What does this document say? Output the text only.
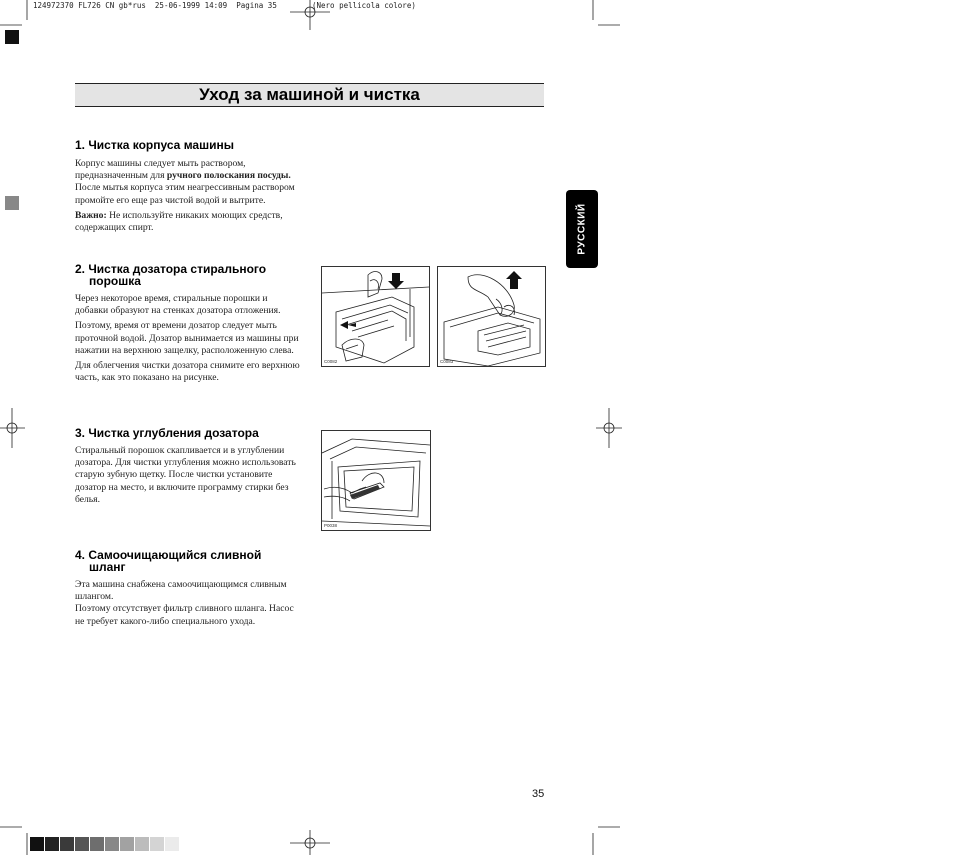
124972370 FL726 CN gb*rus  25-06-1999 14:09  Pagina 35	(Nero pellicola colore)
Уход за машиной и чистка
РУССКИЙ
1. Чистка корпуса машины

Корпус машины следует мыть раствором, предназначенным для ручного полоскания посуды. После мытья корпуса этим неагрессивным раствором промойте его еще раз чистой водой и вытрите.

Важно: Не используйте никаких моющих средств, содержащих спирт.

2. Чистка дозатора стирального
порошка

Через некоторое время, стиральные порошки и добавки образуют на стенках дозатора отложения.

Поэтому, время от времени дозатор следует мыть проточной водой. Дозатор вынимается из машины при нажатии на верхнюю защелку, расположенную слева.

Для облегчения чистки дозатора снимите его верхнюю часть, как это показано на рисунке.

3. Чистка углубления дозатора

Стиральный порошок скапливается и в углублении дозатора. Для чистки углубления можно использовать старую зубную щетку. После чистки установите дозатор на место, и включите программу стирки без белья.

4. Самоочищающийся сливной
шланг

Эта машина снабжена самоочищающимся сливным шлангом.

Поэтому отсутствует фильтр сливного шланга. Насос не требует какого-либо специального ухода.

C0082	C0083
P0038
35
